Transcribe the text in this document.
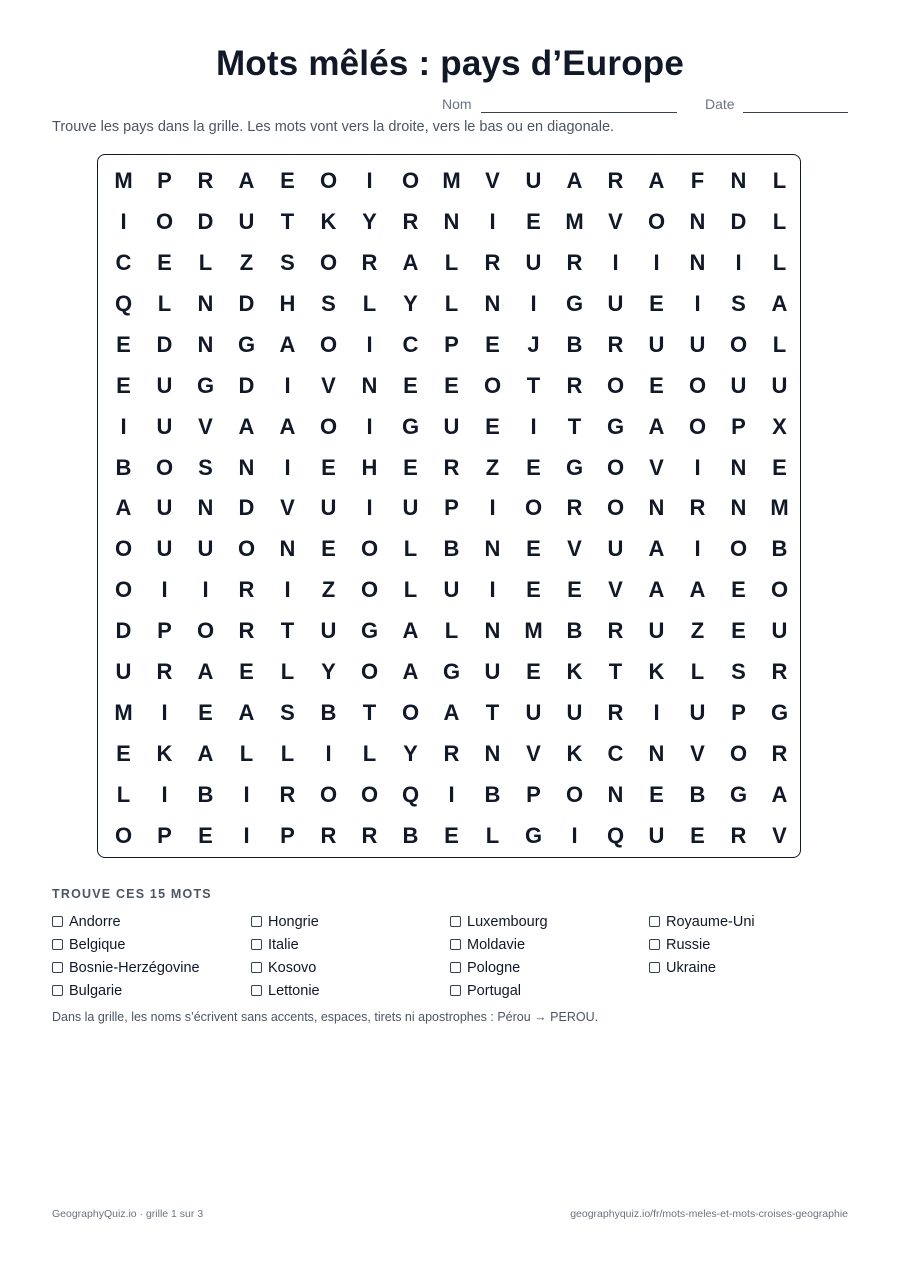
Mots mêlés : pays d’Europe
Nom	Date
Trouve les pays dans la grille. Les mots vont vers la droite, vers le bas ou en diagonale.
M	P	R	A	E	O	I	O	M	V	U	A	R	A	F	N	L
I	O	D	U	T	K	Y	R	N	I	E	M	V	O	N	D	L
C	E	L	Z	S	O	R	A	L	R	U	R	I	I	N	I	L
Q	L	N	D	H	S	L	Y	L	N	I	G	U	E	I	S	A
E	D	N	G	A	O	I	C	P	E	J	B	R	U	U	O	L
E	U	G	D	I	V	N	E	E	O	T	R	O	E	O	U	U
I	U	V	A	A	O	I	G	U	E	I	T	G	A	O	P	X
B	O	S	N	I	E	H	E	R	Z	E	G	O	V	I	N	E
A	U	N	D	V	U	I	U	P	I	O	R	O	N	R	N	M
O	U	U	O	N	E	O	L	B	N	E	V	U	A	I	O	B
O	I	I	R	I	Z	O	L	U	I	E	E	V	A	A	E	O
D	P	O	R	T	U	G	A	L	N	M	B	R	U	Z	E	U
U	R	A	E	L	Y	O	A	G	U	E	K	T	K	L	S	R
M	I	E	A	S	B	T	O	A	T	U	U	R	I	U	P	G
E	K	A	L	L	I	L	Y	R	N	V	K	C	N	V	O	R
L	I	B	I	R	O	O	Q	I	B	P	O	N	E	B	G	A
O	P	E	I	P	R	R	B	E	L	G	I	Q	U	E	R	V
TROUVE CES 15 MOTS
Andorre
Belgique
Bosnie-Herzégovine
Bulgarie
Hongrie
Italie
Kosovo
Lettonie
Luxembourg
Moldavie
Pologne
Portugal
Royaume-Uni
Russie
Ukraine
Dans la grille, les noms s’écrivent sans accents, espaces, tirets ni apostrophes : Pérou → PEROU.
GeographyQuiz.io · grille 1 sur 3	geographyquiz.io/fr/mots-meles-et-mots-croises-geographie
